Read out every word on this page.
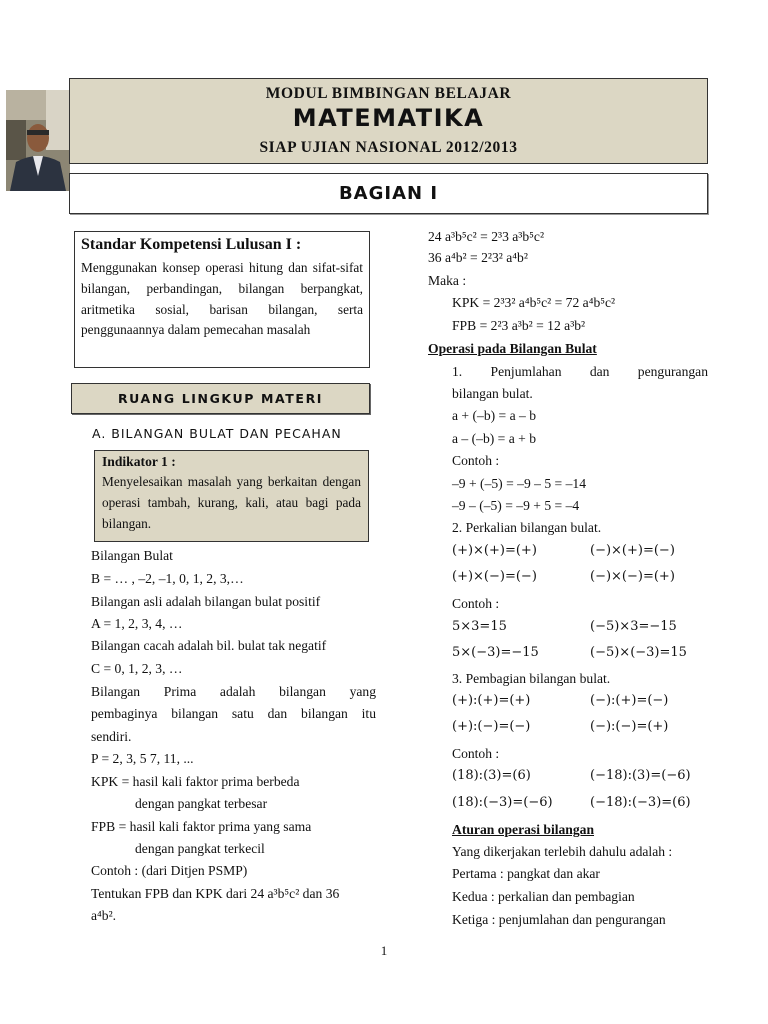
MODUL BIMBINGAN BELAJAR
MATEMATIKA
SIAP UJIAN NASIONAL 2012/2013
BAGIAN I
Standar Kompetensi Lulusan I :

Menggunakan konsep operasi hitung dan sifat-sifat bilangan, perbandingan, bilangan berpangkat, aritmetika sosial, barisan bilangan, serta penggunaannya dalam pemecahan masalah

RUANG LINGKUP MATERI
A. BILANGAN BULAT DAN PECAHAN
Indikator 1 :

Menyelesaikan masalah yang berkaitan dengan operasi tambah, kurang, kali, atau bagi pada bilangan.

Bilangan Bulat
B = … , –2, –1, 0, 1, 2, 3,…
Bilangan asli adalah bilangan bulat positif
A = 1, 2, 3, 4, …
Bilangan cacah adalah bil. bulat tak negatif
C = 0, 1, 2, 3, …
Bilangan Prima adalah bilangan yang
pembaginya bilangan satu dan bilangan itu
sendiri.
P = 2, 3, 5 7, 11, ...
KPK = hasil kali faktor prima berbeda
dengan pangkat terbesar
FPB = hasil kali faktor prima yang sama
dengan pangkat terkecil
Contoh : (dari Ditjen PSMP)
Tentukan FPB dan KPK dari 24 a³b⁵c² dan 36
a⁴b².
24 a³b⁵c² = 2³3 a³b⁵c²
36 a⁴b² = 2²3² a⁴b²
Maka :
KPK = 2³3² a⁴b⁵c² = 72 a⁴b⁵c²
FPB = 2²3 a³b² = 12 a³b²
Operasi pada Bilangan Bulat
1. Penjumlahan dan pengurangan
bilangan bulat.
a + (–b) = a – b
a – (–b) = a + b
Contoh :
–9 + (–5) = –9 – 5 = –14
–9 – (–5) = –9 + 5 = –4
2. Perkalian bilangan bulat.
(+)×(+)=(+)	(−)×(+)=(−)
(+)×(−)=(−)	(−)×(−)=(+)
Contoh :
5×3=15	(−5)×3=−15
5×(−3)=−15	(−5)×(−3)=15
3. Pembagian bilangan bulat.
(+):(+)=(+)	(−):(+)=(−)
(+):(−)=(−)	(−):(−)=(+)
Contoh :
(18):(3)=(6)	(−18):(3)=(−6)
(18):(−3)=(−6)	(−18):(−3)=(6)
Aturan operasi bilangan
Yang dikerjakan terlebih dahulu adalah :
Pertama : pangkat dan akar
Kedua : perkalian dan pembagian
Ketiga : penjumlahan dan pengurangan
1
